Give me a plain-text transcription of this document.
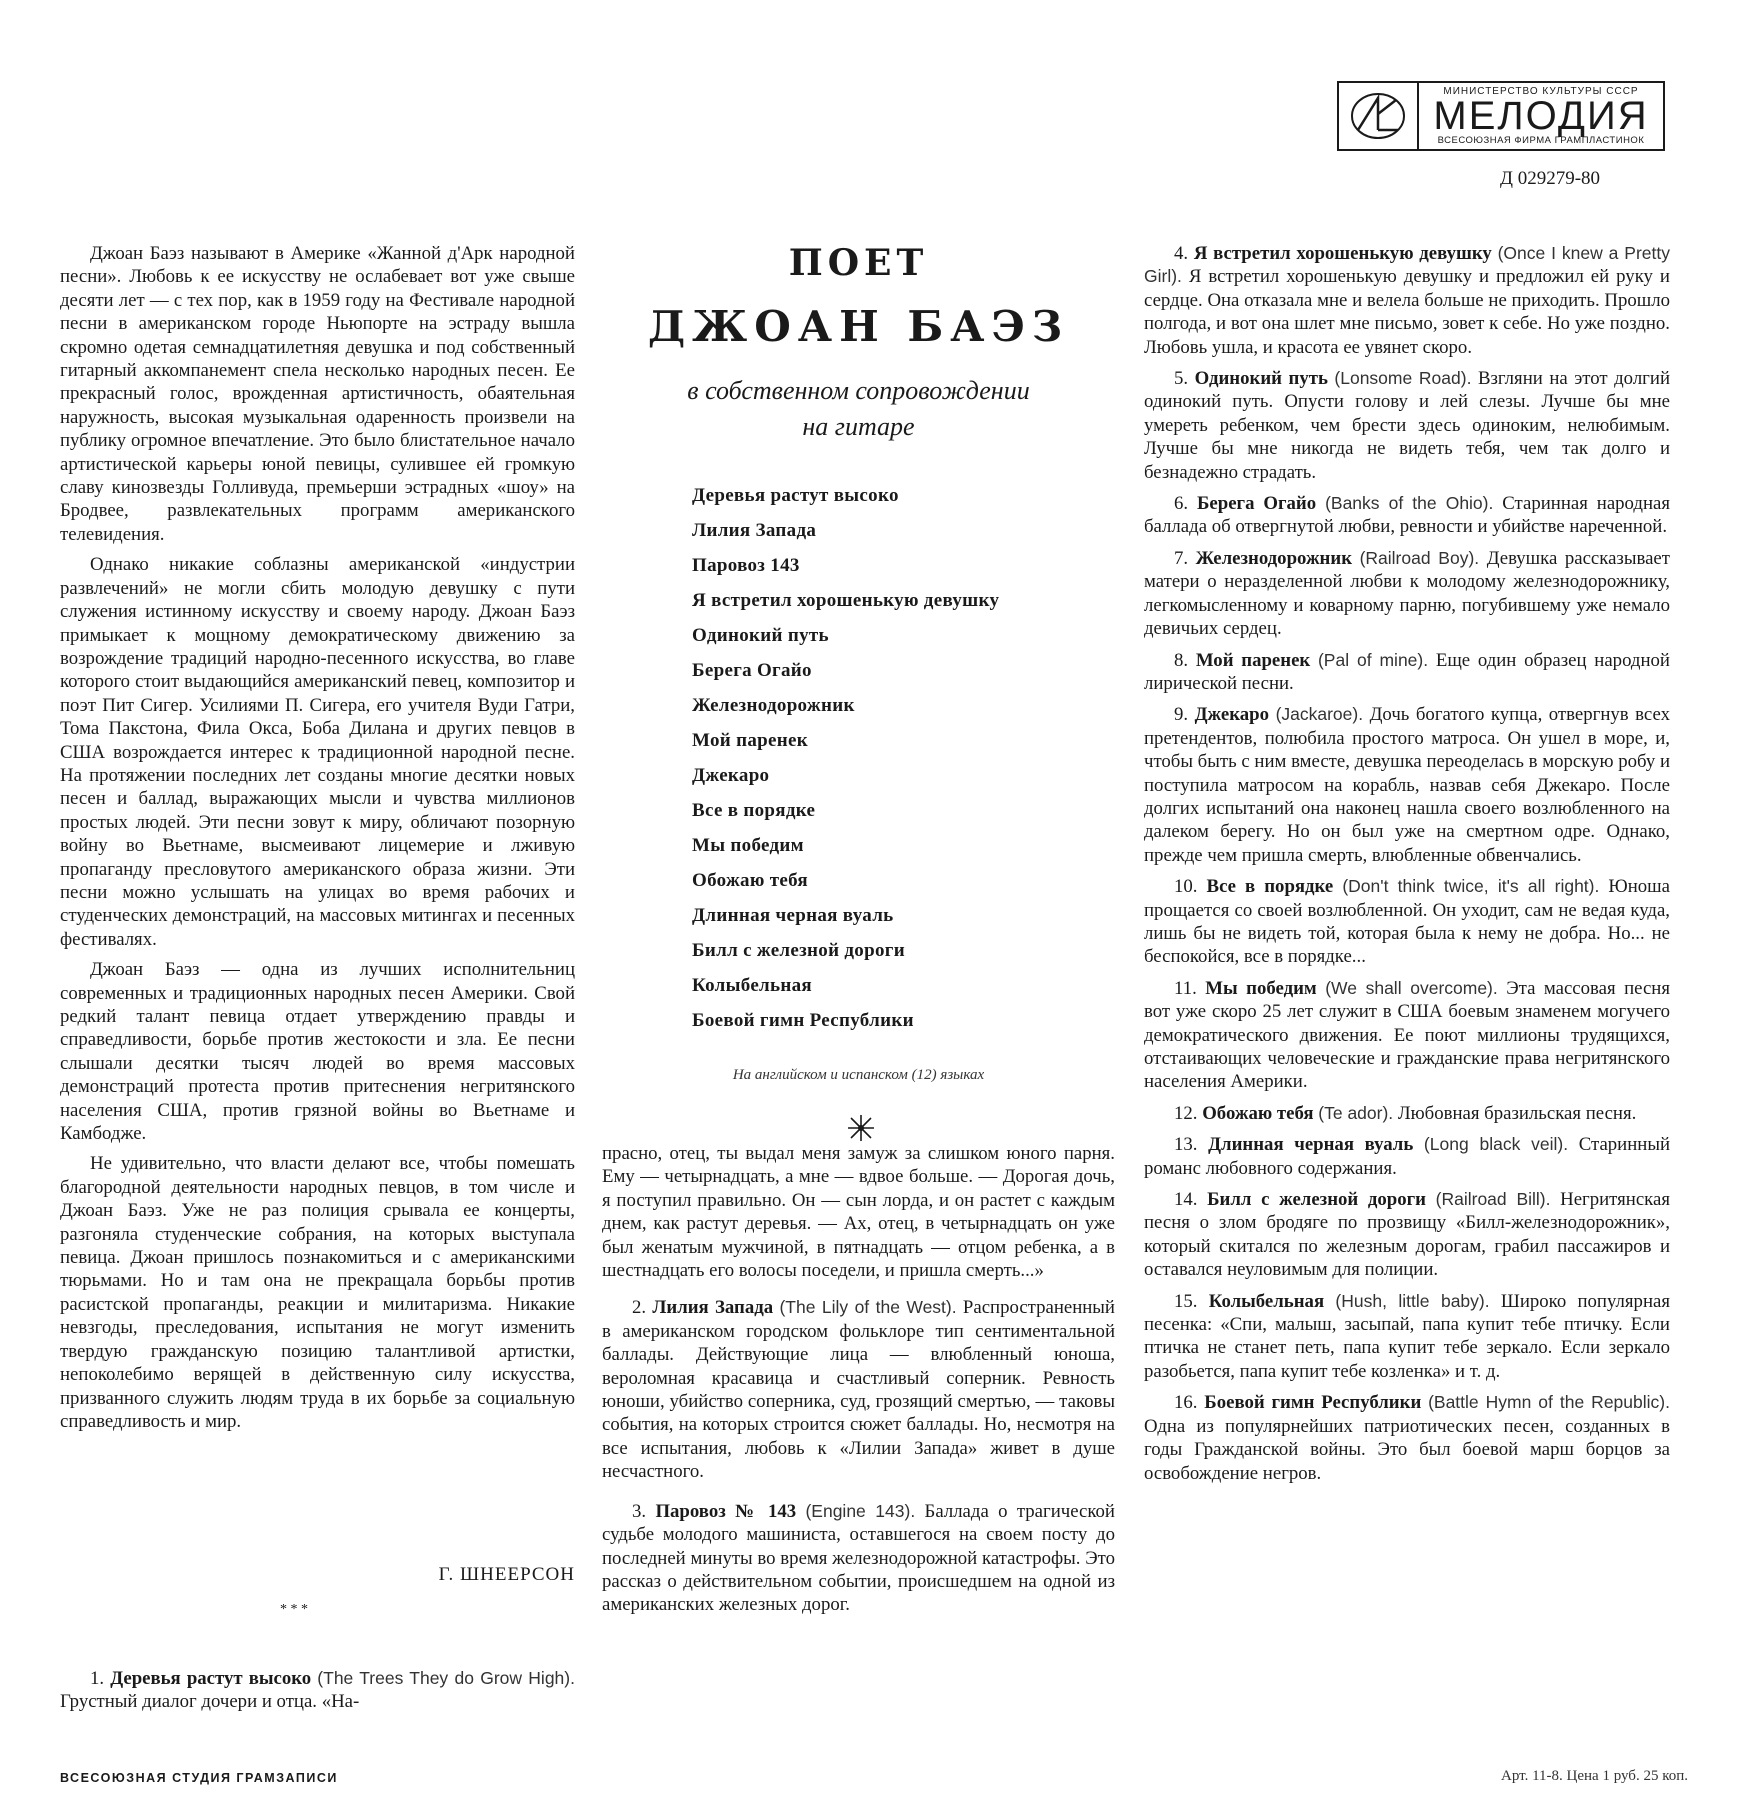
МИНИСТЕРСТВО КУЛЬТУРЫ СССР
МЕЛОДИЯ
ВСЕСОЮЗНАЯ ФИРМА ГРАМПЛАСТИНОК
Д 029279-80

Джоан Баэз называют в Америке «Жанной д'Арк народной песни». Любовь к ее искусству не ослабевает вот уже свыше десяти лет — с тех пор, как в 1959 году на Фестивале народной песни в американском городе Ньюпорте на эстраду вышла скромно одетая семнадцатилетняя девушка и под собственный гитарный аккомпанемент спела несколько народных песен. Ее прекрасный голос, врожденная артистичность, обаятельная наружность, высокая музыкальная одаренность произвели на публику огромное впечатление. Это было блистательное начало артистической карьеры юной певицы, сулившее ей громкую славу кинозвезды Голливуда, премьерши эстрадных «шоу» на Бродвее, развлекательных программ американского телевидения.

Однако никакие соблазны американской «индустрии развлечений» не могли сбить молодую девушку с пути служения истинному искусству и своему народу. Джоан Баэз примыкает к мощному демократическому движению за возрождение традиций народно-песенного искусства, во главе которого стоит выдающийся американский певец, композитор и поэт Пит Сигер. Усилиями П. Сигера, его учителя Вуди Гатри, Тома Пакстона, Фила Окса, Боба Дилана и других певцов в США возрождается интерес к традиционной народной песне. На протяжении последних лет созданы многие десятки новых песен и баллад, выражающих мысли и чувства миллионов простых людей. Эти песни зовут к миру, обличают позорную войну во Вьетнаме, высмеивают лицемерие и лживую пропаганду пресловутого американского образа жизни. Эти песни можно услышать на улицах во время рабочих и студенческих демонстраций, на массовых митингах и песенных фестивалях.

Джоан Баэз — одна из лучших исполнительниц современных и традиционных народных песен Америки. Свой редкий талант певица отдает утверждению правды и справедливости, борьбе против жестокости и зла. Ее песни слышали десятки тысяч людей во время массовых демонстраций протеста против притеснения негритянского населения США, против грязной войны во Вьетнаме и Камбодже.

Не удивительно, что власти делают все, чтобы помешать благородной деятельности народных певцов, в том числе и Джоан Баэз. Уже не раз полиция срывала ее концерты, разгоняла студенческие собрания, на которых выступала певица. Джоан пришлось познакомиться и с американскими тюрьмами. Но и там она не прекращала борьбы против расистской пропаганды, реакции и милитаризма. Никакие невзгоды, преследования, испытания не могут изменить твердую гражданскую позицию талантливой артистки, непоколебимо верящей в действенную силу искусства, призванного служить людям труда в их борьбе за социальную справедливость и мир.

Г. ШНЕЕРСОН
* * *

1. Деревья растут высоко (The Trees They do Grow High). Грустный диалог дочери и отца. «На-

ПОЕТ
ДЖОАН БАЭЗ
в собственном сопровождении
на гитаре
Деревья растут высоко
Лилия Запада
Паровоз 143
Я встретил хорошенькую девушку
Одинокий путь
Берега Огайо
Железнодорожник
Мой паренек
Джекаро
Все в порядке
Мы победим
Обожаю тебя
Длинная черная вуаль
Билл с железной дороги
Колыбельная
Боевой гимн Республики
На английском и испанском (12) языках

прасно, отец, ты выдал меня замуж за слишком юного парня. Ему — четырнадцать, а мне — вдвое больше. — Дорогая дочь, я поступил правильно. Он — сын лорда, и он растет с каждым днем, как растут деревья. — Ах, отец, в четырнадцать он уже был женатым мужчиной, в пятнадцать — отцом ребенка, а в шестнадцать его волосы поседели, и пришла смерть...»

2. Лилия Запада (The Lily of the West). Распространенный в американском городском фольклоре тип сентиментальной баллады. Действующие лица — влюбленный юноша, вероломная красавица и счастливый соперник. Ревность юноши, убийство соперника, суд, грозящий смертью, — таковы события, на которых строится сюжет баллады. Но, несмотря на все испытания, любовь к «Лилии Запада» живет в душе несчастного.

3. Паровоз № 143 (Engine 143). Баллада о трагической судьбе молодого машиниста, оставшегося на своем посту до последней минуты во время железнодорожной катастрофы. Это рассказ о действительном событии, происшедшем на одной из американских железных дорог.

4. Я встретил хорошенькую девушку (Once I knew a Pretty Girl). Я встретил хорошенькую девушку и предложил ей руку и сердце. Она отказала мне и велела больше не приходить. Прошло полгода, и вот она шлет мне письмо, зовет к себе. Но уже поздно. Любовь ушла, и красота ее увянет скоро.

5. Одинокий путь (Lonsome Road). Взгляни на этот долгий одинокий путь. Опусти голову и лей слезы. Лучше бы мне умереть ребенком, чем брести здесь одиноким, нелюбимым. Лучше бы мне никогда не видеть тебя, чем так долго и безнадежно страдать.

6. Берега Огайо (Banks of the Ohio). Старинная народная баллада об отвергнутой любви, ревности и убийстве нареченной.

7. Железнодорожник (Railroad Boy). Девушка рассказывает матери о неразделенной любви к молодому железнодорожнику, легкомысленному и коварному парню, погубившему уже немало девичьих сердец.

8. Мой паренек (Pal of mine). Еще один образец народной лирической песни.

9. Джекаро (Jackaroe). Дочь богатого купца, отвергнув всех претендентов, полюбила простого матроса. Он ушел в море, и, чтобы быть с ним вместе, девушка переоделась в морскую робу и поступила матросом на корабль, назвав себя Джекаро. После долгих испытаний она наконец нашла своего возлюбленного на далеком берегу. Но он был уже на смертном одре. Однако, прежде чем пришла смерть, влюбленные обвенчались.

10. Все в порядке (Don't think twice, it's all right). Юноша прощается со своей возлюбленной. Он уходит, сам не ведая куда, лишь бы не видеть той, которая была к нему не добра. Но... не беспокойся, все в порядке...

11. Мы победим (We shall overcome). Эта массовая песня вот уже скоро 25 лет служит в США боевым знаменем могучего демократического движения. Ее поют миллионы трудящихся, отстаивающих человеческие и гражданские права негритянского населения Америки.

12. Обожаю тебя (Te ador). Любовная бразильская песня.

13. Длинная черная вуаль (Long black veil). Старинный романс любовного содержания.

14. Билл с железной дороги (Railroad Bill). Негритянская песня о злом бродяге по прозвищу «Билл-железнодорожник», который скитался по железным дорогам, грабил пассажиров и оставался неуловимым для полиции.

15. Колыбельная (Hush, little baby). Широко популярная песенка: «Спи, малыш, засыпай, папа купит тебе птичку. Если птичка не станет петь, папа купит тебе зеркало. Если зеркало разобьется, папа купит тебе козленка» и т. д.

16. Боевой гимн Республики (Battle Hymn of the Republic). Одна из популярнейших патриотических песен, созданных в годы Гражданской войны. Это был боевой марш борцов за освобождение негров.

ВСЕСОЮЗНАЯ СТУДИЯ ГРАМЗАПИСИ	Арт. 11-8. Цена 1 руб. 25 коп.
